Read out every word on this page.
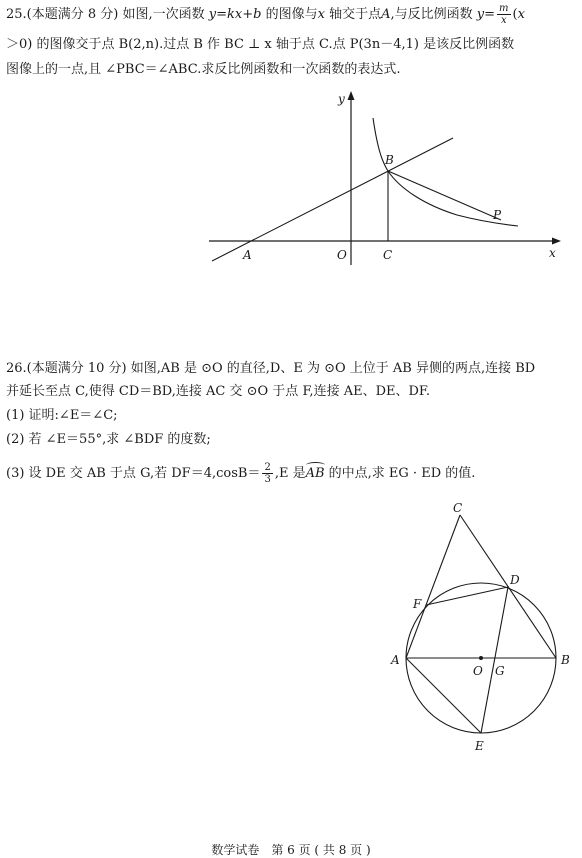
25.(本题满分 8 分) 如图,一次函数 y=kx+b 的图像与x 轴交于点A,与反比例函数 $y= \frac{m}{x} (x$
＞0) 的图像交于点 B(2,n).过点 B 作 BC ⊥ x 轴于点 C.点 P(3n－4,1) 是该反比例函数
图像上的一点,且 ∠PBC＝∠ABC.求反比例函数和一次函数的表达式.
y
x
O
A
B
C
P
26.(本题满分 10 分) 如图,AB 是 ⊙O 的直径,D、E 为 ⊙O 上位于 AB 异侧的两点,连接 BD
并延长至点 C,使得 CD＝BD,连接 AC 交 ⊙O 于点 F,连接 AE、DE、DF.
(1) 证明:∠E＝∠C;
(2) 若 ∠E＝55°,求 ∠BDF 的度数;
(3) 设 DE 交 AB 于点 G,若 $DF=4,\cos B= \frac{2}{3} ,E$ 是AB 的中点,求 EG · ED 的值.
C
D
F
A
O G
B
E
数学试卷　第 6 页 ( 共 8 页 )
